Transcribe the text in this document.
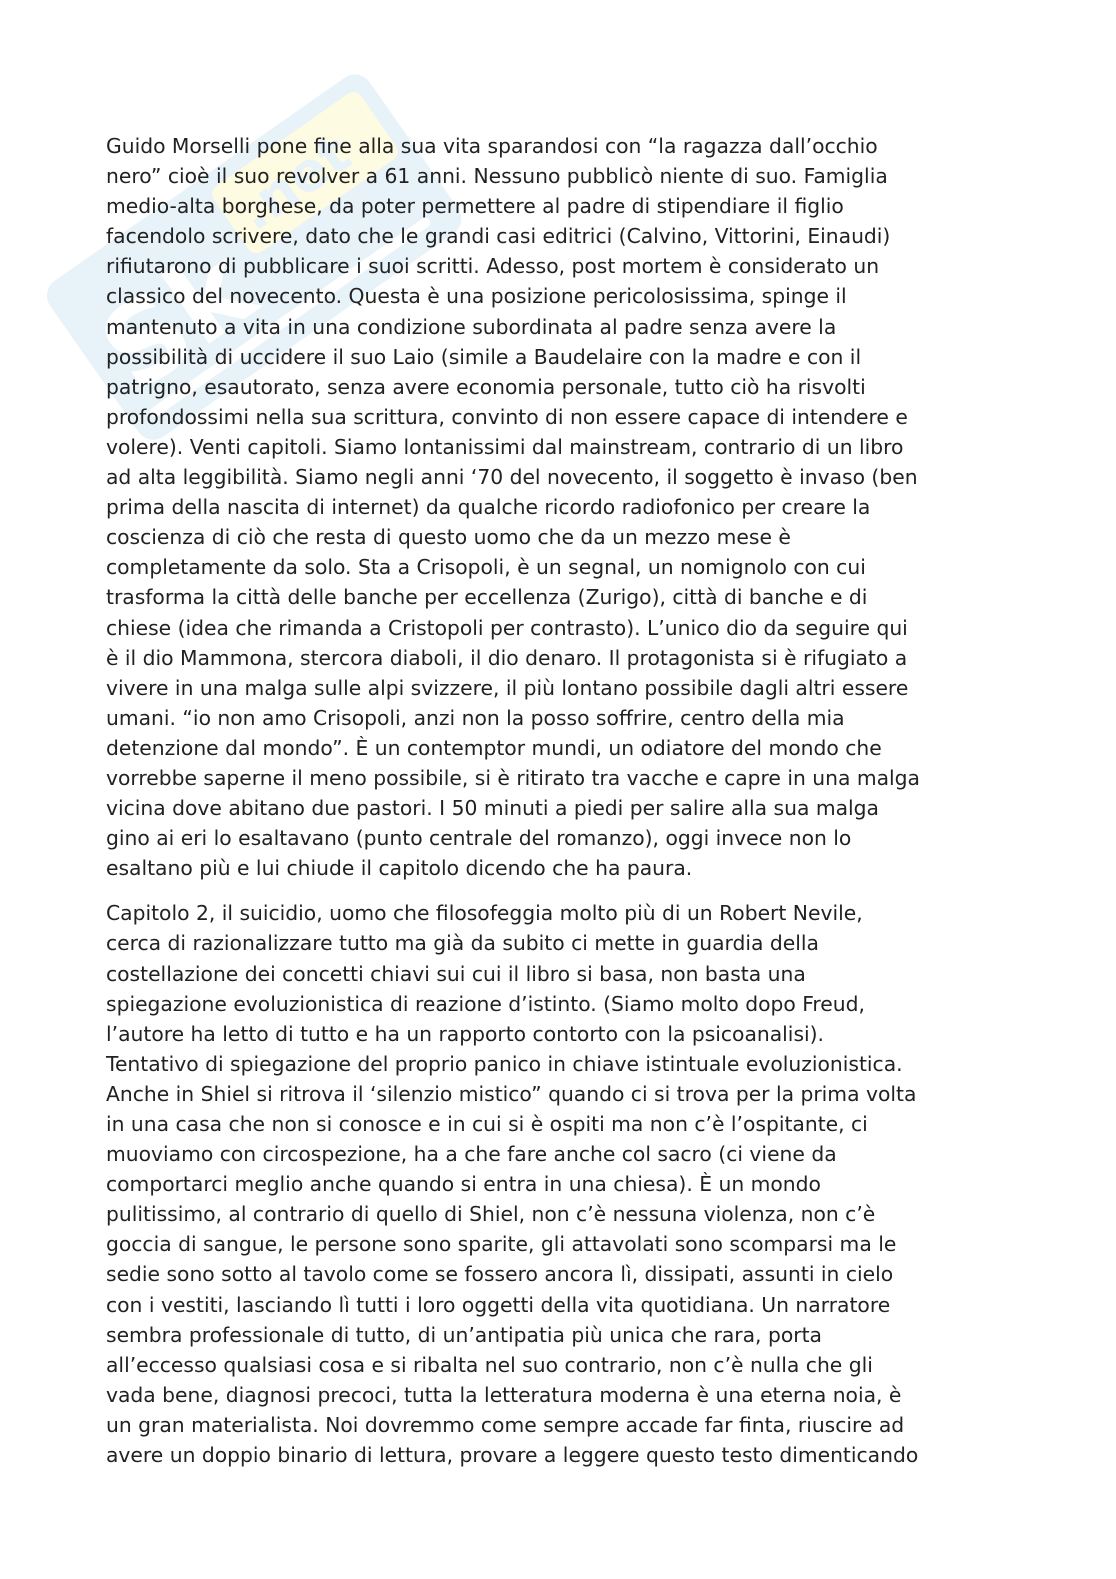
Sk
.net
Guido Morselli pone fine alla sua vita sparandosi con “la ragazza dall’occhio
nero” cioè il suo revolver a 61 anni. Nessuno pubblicò niente di suo. Famiglia
medio-alta borghese, da poter permettere al padre di stipendiare il figlio
facendolo scrivere, dato che le grandi casi editrici (Calvino, Vittorini, Einaudi)
rifiutarono di pubblicare i suoi scritti. Adesso, post mortem è considerato un
classico del novecento. Questa è una posizione pericolosissima, spinge il
mantenuto a vita in una condizione subordinata al padre senza avere la
possibilità di uccidere il suo Laio (simile a Baudelaire con la madre e con il
patrigno, esautorato, senza avere economia personale, tutto ciò ha risvolti
profondossimi nella sua scrittura, convinto di non essere capace di intendere e
volere). Venti capitoli. Siamo lontanissimi dal mainstream, contrario di un libro
ad alta leggibilità. Siamo negli anni ‘70 del novecento, il soggetto è invaso (ben
prima della nascita di internet) da qualche ricordo radiofonico per creare la
coscienza di ciò che resta di questo uomo che da un mezzo mese è
completamente da solo. Sta a Crisopoli, è un segnal, un nomignolo con cui
trasforma la città delle banche per eccellenza (Zurigo), città di banche e di
chiese (idea che rimanda a Cristopoli per contrasto). L’unico dio da seguire qui
è il dio Mammona, stercora diaboli, il dio denaro. Il protagonista si è rifugiato a
vivere in una malga sulle alpi svizzere, il più lontano possibile dagli altri essere
umani. “io non amo Crisopoli, anzi non la posso soffrire, centro della mia
detenzione dal mondo”. È un contemptor mundi, un odiatore del mondo che
vorrebbe saperne il meno possibile, si è ritirato tra vacche e capre in una malga
vicina dove abitano due pastori. I 50 minuti a piedi per salire alla sua malga
gino ai eri lo esaltavano (punto centrale del romanzo), oggi invece non lo
esaltano più e lui chiude il capitolo dicendo che ha paura.
Capitolo 2, il suicidio, uomo che filosofeggia molto più di un Robert Nevile,
cerca di razionalizzare tutto ma già da subito ci mette in guardia della
costellazione dei concetti chiavi sui cui il libro si basa, non basta una
spiegazione evoluzionistica di reazione d’istinto. (Siamo molto dopo Freud,
l’autore ha letto di tutto e ha un rapporto contorto con la psicoanalisi).
Tentativo di spiegazione del proprio panico in chiave istintuale evoluzionistica.
Anche in Shiel si ritrova il ‘silenzio mistico” quando ci si trova per la prima volta
in una casa che non si conosce e in cui si è ospiti ma non c’è l’ospitante, ci
muoviamo con circospezione, ha a che fare anche col sacro (ci viene da
comportarci meglio anche quando si entra in una chiesa). È un mondo
pulitissimo, al contrario di quello di Shiel, non c’è nessuna violenza, non c’è
goccia di sangue, le persone sono sparite, gli attavolati sono scomparsi ma le
sedie sono sotto al tavolo come se fossero ancora lì, dissipati, assunti in cielo
con i vestiti, lasciando lì tutti i loro oggetti della vita quotidiana. Un narratore
sembra professionale di tutto, di un’antipatia più unica che rara, porta
all’eccesso qualsiasi cosa e si ribalta nel suo contrario, non c’è nulla che gli
vada bene, diagnosi precoci, tutta la letteratura moderna è una eterna noia, è
un gran materialista. Noi dovremmo come sempre accade far finta, riuscire ad
avere un doppio binario di lettura, provare a leggere questo testo dimenticando
